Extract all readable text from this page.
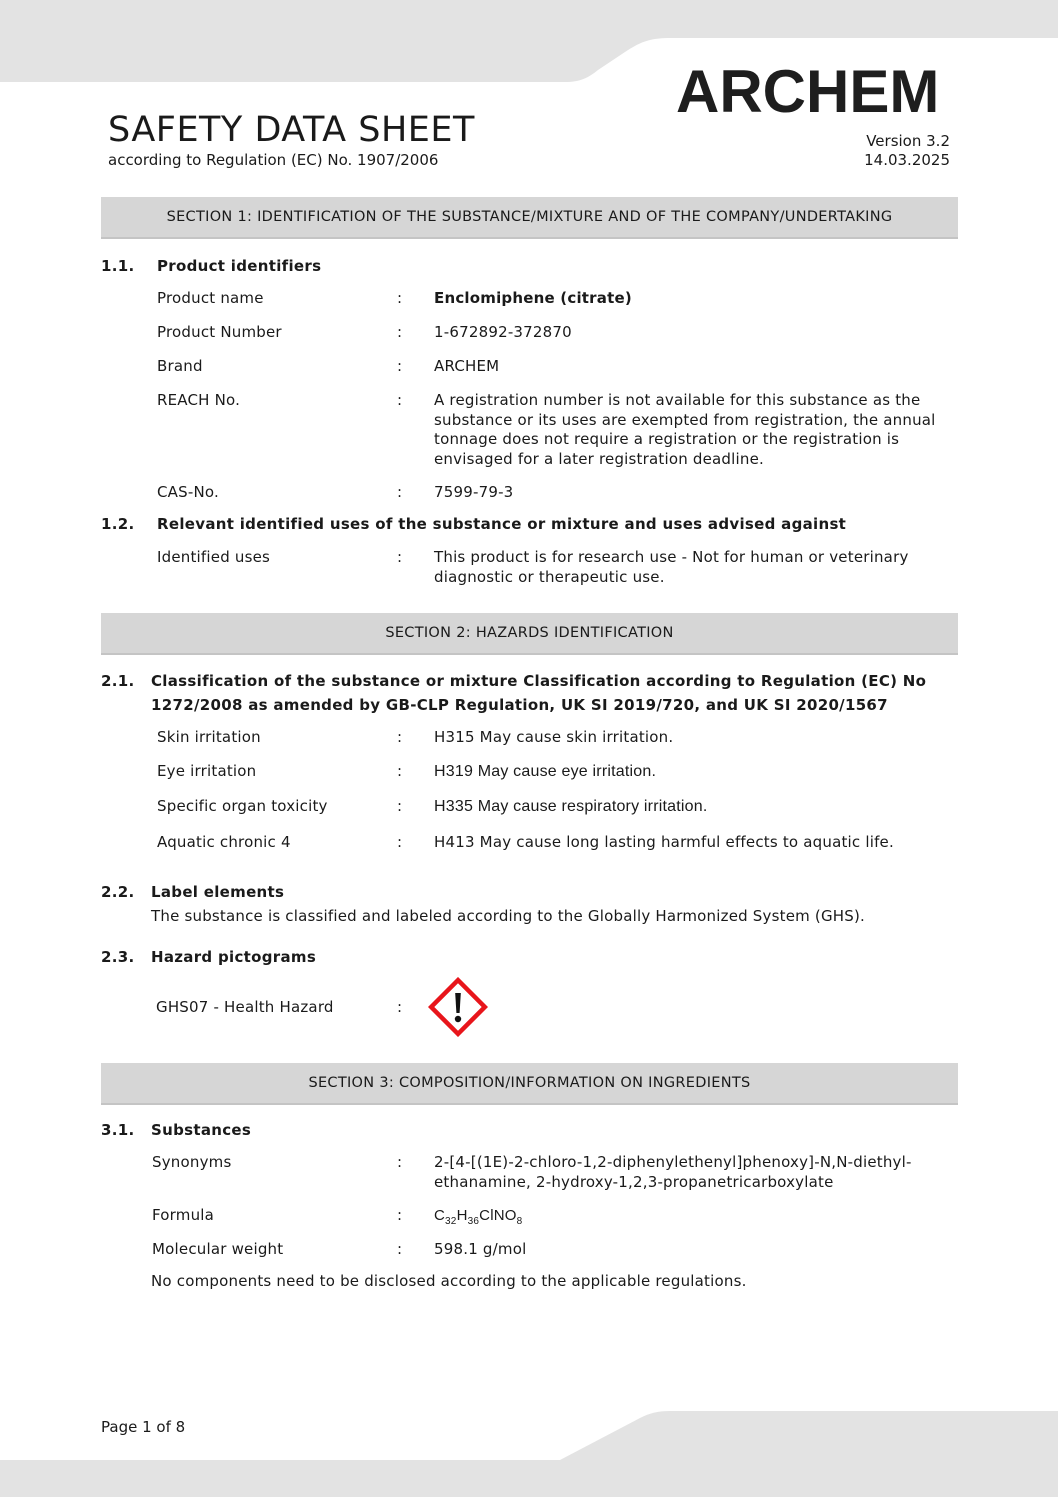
ARCHEM
SAFETY DATA SHEET
according to Regulation (EC) No. 1907/2006
Version 3.2
14.03.2025
SECTION 1: IDENTIFICATION OF THE SUBSTANCE/MIXTURE AND OF THE COMPANY/UNDERTAKING
1.1. Product identifiers
Product name	: Enclomiphene (citrate)
Product Number	: 1-672892-372870
Brand	: ARCHEM
REACH No.	: A registration number is not available for this substance as the substance or its uses are exempted from registration, the annual tonnage does not require a registration or the registration is envisaged for a later registration deadline.
CAS-No.	: 7599-79-3
1.2. Relevant identified uses of the substance or mixture and uses advised against
Identified uses	: This product is for research use - Not for human or veterinary diagnostic or therapeutic use.
SECTION 2: HAZARDS IDENTIFICATION
2.1. Classification of the substance or mixture Classification according to Regulation (EC) No 1272/2008 as amended by GB-CLP Regulation, UK SI 2019/720, and UK SI 2020/1567
Skin irritation	: H315 May cause skin irritation.
Eye irritation	: H319 May cause eye irritation.
Specific organ toxicity	: H335 May cause respiratory irritation.
Aquatic chronic 4	: H413 May cause long lasting harmful effects to aquatic life.
2.2. Label elements
The substance is classified and labeled according to the Globally Harmonized System (GHS).
2.3. Hazard pictograms
GHS07 - Health Hazard	:
SECTION 3: COMPOSITION/INFORMATION ON INGREDIENTS
3.1. Substances
Synonyms	: 2-[4-[(1E)-2-chloro-1,2-diphenylethenyl]phenoxy]-N,N-diethyl-ethanamine, 2-hydroxy-1,2,3-propanetricarboxylate
Formula	: $C_{32}H_{36}ClNO_8$
Molecular weight	: 598.1 g/mol
No components need to be disclosed according to the applicable regulations.
Page 1 of 8
